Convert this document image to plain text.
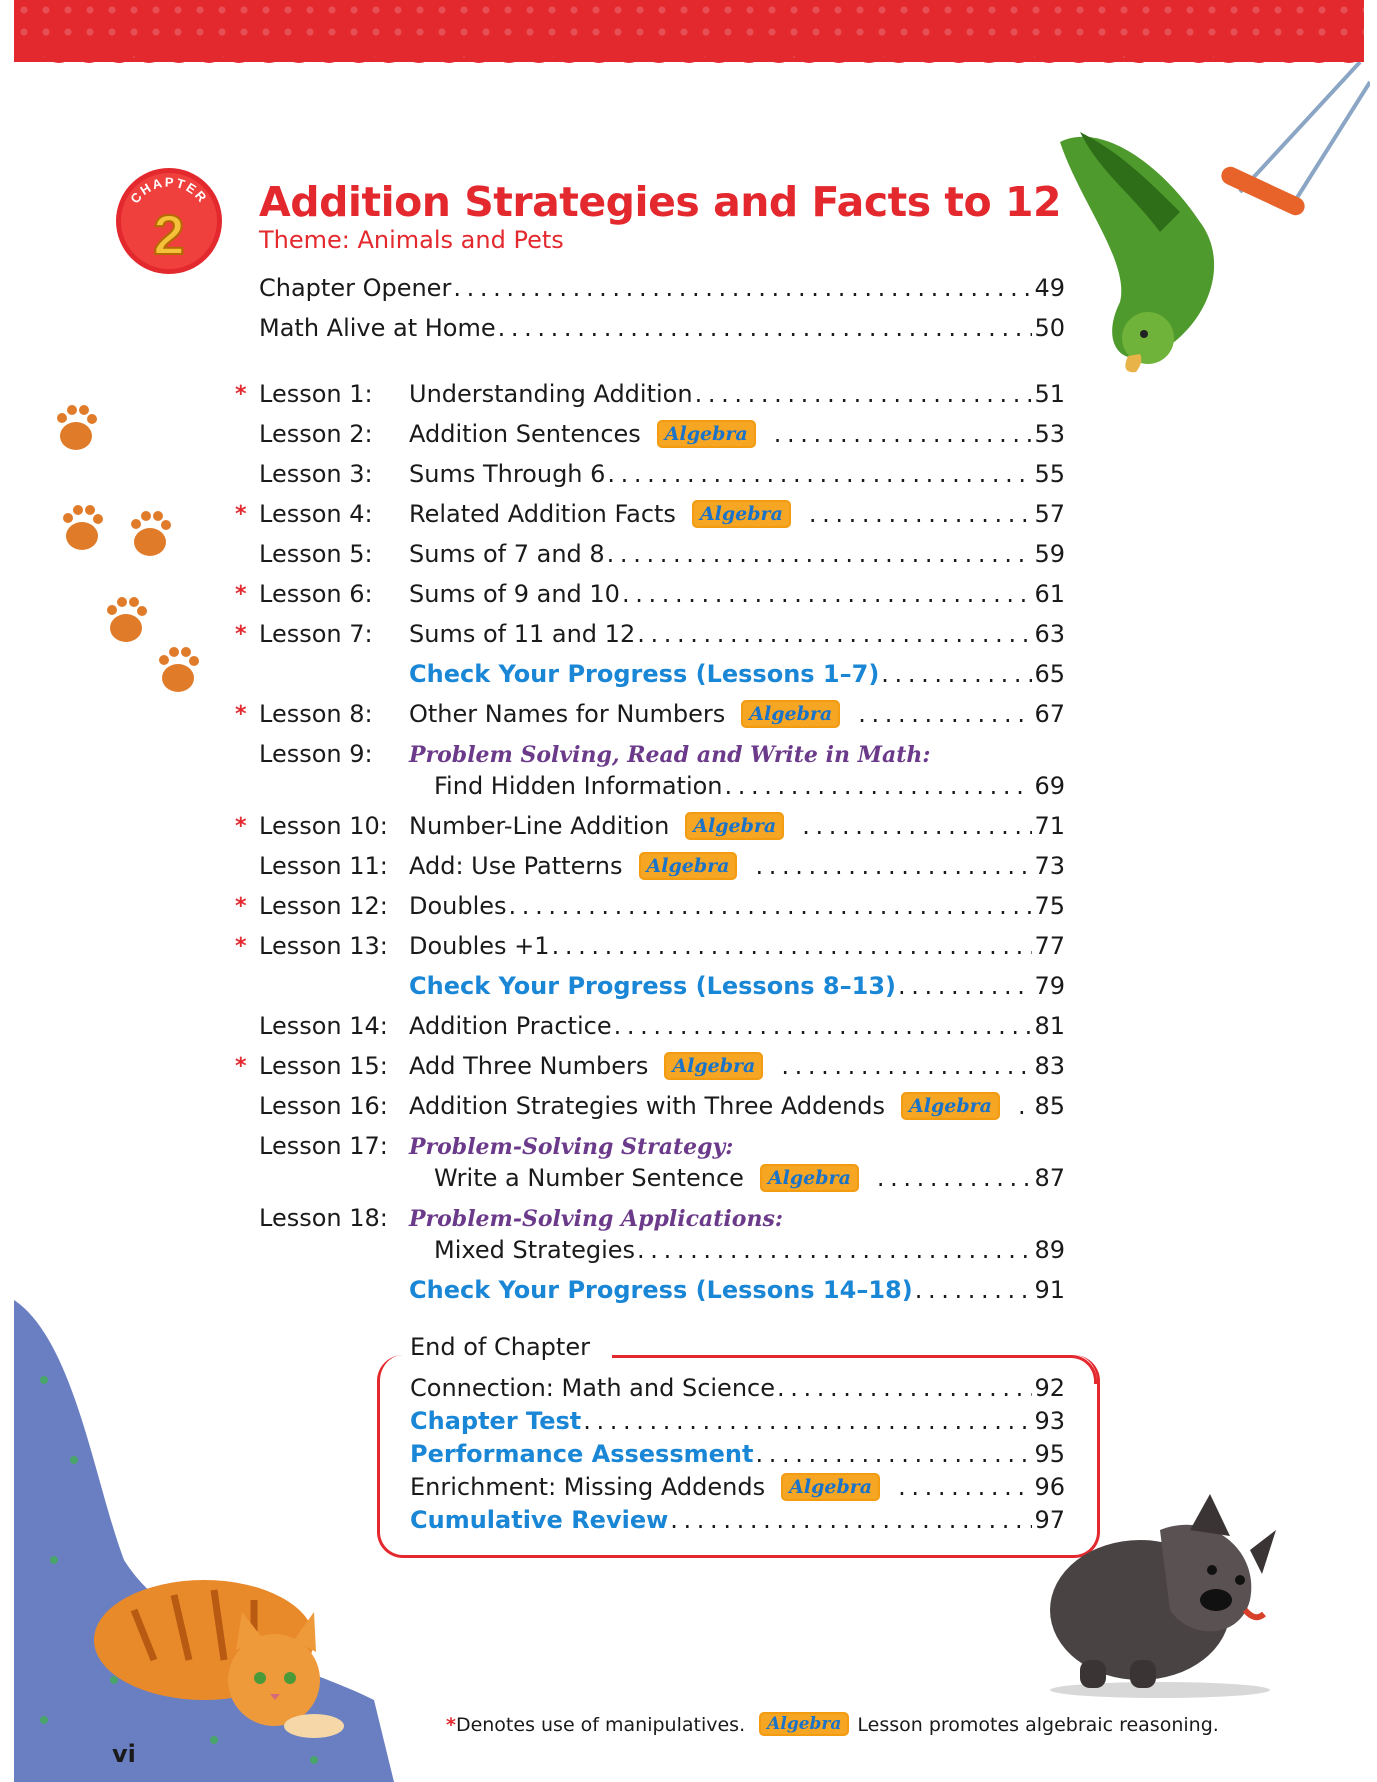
CHAPTER
2
Addition Strategies and Facts to 12
Theme: Animals and Pets
Chapter Opener . . .	49
Math Alive at Home . . .	50
* Lesson 1:	Understanding Addition . . .	51
Lesson 2:	Addition Sentences	Algebra . . .	53
Lesson 3:	Sums Through 6 . . .	55
* Lesson 4:	Related Addition Facts	Algebra . . .	57
Lesson 5:	Sums of 7 and 8 . . .	59
* Lesson 6:	Sums of 9 and 10 . . .	61
* Lesson 7:	Sums of 11 and 12 . . .	63
Check Your Progress (Lessons 1–7) . . .	65
* Lesson 8:	Other Names for Numbers	Algebra . . .	67
Lesson 9:	Problem Solving, Read and Write in Math:
Find Hidden Information . . .	69
* Lesson 10: Number-Line Addition	Algebra . . .	71
Lesson 11: Add: Use Patterns	Algebra . . .	73
* Lesson 12: Doubles . . .	75
* Lesson 13: Doubles +1 . . .	77
Check Your Progress (Lessons 8–13) . . .	79
Lesson 14: Addition Practice . . .	81
* Lesson 15: Add Three Numbers	Algebra . . .	83
Lesson 16: Addition Strategies with Three Addends	Algebra . . .	85
Lesson 17: Problem-Solving Strategy:
Write a Number Sentence	Algebra . . .	87
Lesson 18: Problem-Solving Applications:
Mixed Strategies . . .	89
Check Your Progress (Lessons 14–18) . . .	91
End of Chapter
Connection: Math and Science . . .	92
Chapter Test . . .	93
Performance Assessment . . .	95
Enrichment: Missing Addends	Algebra . . .	96
Cumulative Review . . .	97
vi
*Denotes use of manipulatives. Algebra Lesson promotes algebraic reasoning.
